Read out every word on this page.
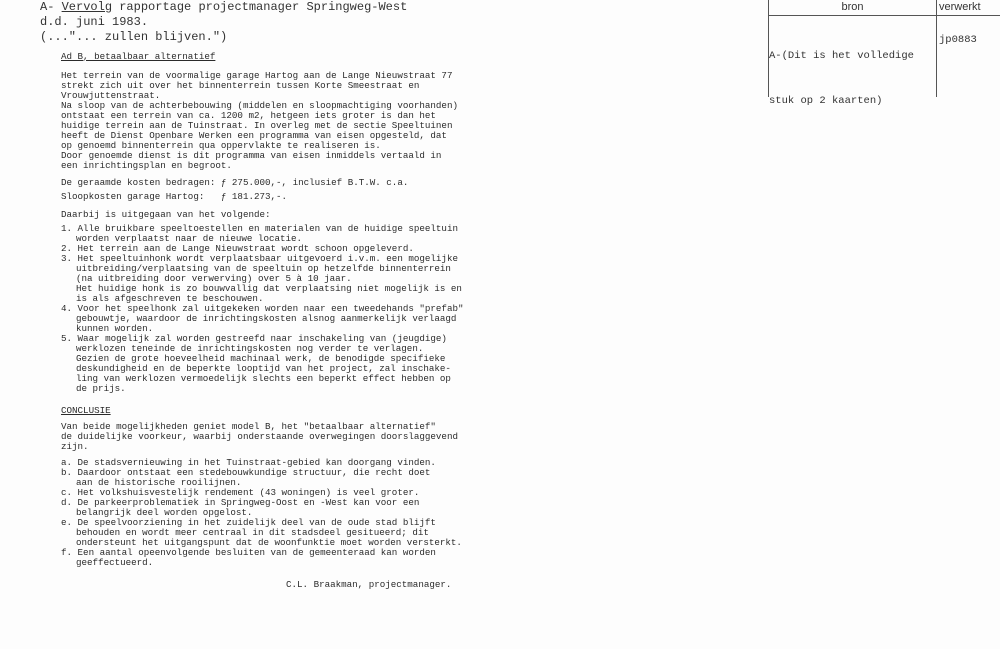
A- Vervolg rapportage projectmanager Springweg-West
d.d. juni 1983.
(..."... zullen blijven.")
bron	verwerkt

A-(Dit is het volledige

stuk op 2 kaarten)

jp0883
Ad B, betaalbaar alternatief
Het terrein van de voormalige garage Hartog aan de Lange Nieuwstraat 77
strekt zich uit over het binnenterrein tussen Korte Smeestraat en
Vrouwjuttenstraat.
Na sloop van de achterbebouwing (middelen en sloopmachtiging voorhanden)
ontstaat een terrein van ca. 1200 m2, hetgeen iets groter is dan het
huidige terrein aan de Tuinstraat. In overleg met de sectie Speeltuinen
heeft de Dienst Openbare Werken een programma van eisen opgesteld, dat
op genoemd binnenterrein qua oppervlakte te realiseren is.
Door genoemde dienst is dit programma van eisen inmiddels vertaald in
een inrichtingsplan en begroot.
De geraamde kosten bedragen: ƒ 275.000,-, inclusief B.T.W. c.a.
Sloopkosten garage Hartog:   ƒ 181.273,-.
Daarbij is uitgegaan van het volgende:
1. Alle bruikbare speeltoestellen en materialen van de huidige speeltuin
worden verplaatst naar de nieuwe locatie.
2. Het terrein aan de Lange Nieuwstraat wordt schoon opgeleverd.
3. Het speeltuinhonk wordt verplaatsbaar uitgevoerd i.v.m. een mogelijke
uitbreiding/verplaatsing van de speeltuin op hetzelfde binnenterrein
(na uitbreiding door verwerving) over 5 à 10 jaar.
Het huidige honk is zo bouwvallig dat verplaatsing niet mogelijk is en
is als afgeschreven te beschouwen.
4. Voor het speelhonk zal uitgekeken worden naar een tweedehands "prefab"
gebouwtje, waardoor de inrichtingskosten alsnog aanmerkelijk verlaagd
kunnen worden.
5. Waar mogelijk zal worden gestreefd naar inschakeling van (jeugdige)
werklozen teneinde de inrichtingskosten nog verder te verlagen.
Gezien de grote hoeveelheid machinaal werk, de benodigde specifieke
deskundigheid en de beperkte looptijd van het project, zal inschake-
ling van werklozen vermoedelijk slechts een beperkt effect hebben op
de prijs.
CONCLUSIE
Van beide mogelijkheden geniet model B, het "betaalbaar alternatief"
de duidelijke voorkeur, waarbij onderstaande overwegingen doorslaggevend
zijn.
a. De stadsvernieuwing in het Tuinstraat-gebied kan doorgang vinden.
b. Daardoor ontstaat een stedebouwkundige structuur, die recht doet
aan de historische rooilijnen.
c. Het volkshuisvestelijk rendement (43 woningen) is veel groter.
d. De parkeerproblematiek in Springweg-Oost en -West kan voor een
belangrijk deel worden opgelost.
e. De speelvoorziening in het zuidelijk deel van de oude stad blijft
behouden en wordt meer centraal in dit stadsdeel gesitueerd; dit
ondersteunt het uitgangspunt dat de woonfunktie moet worden versterkt.
f. Een aantal opeenvolgende besluiten van de gemeenteraad kan worden
geeffectueerd.
C.L. Braakman, projectmanager.
